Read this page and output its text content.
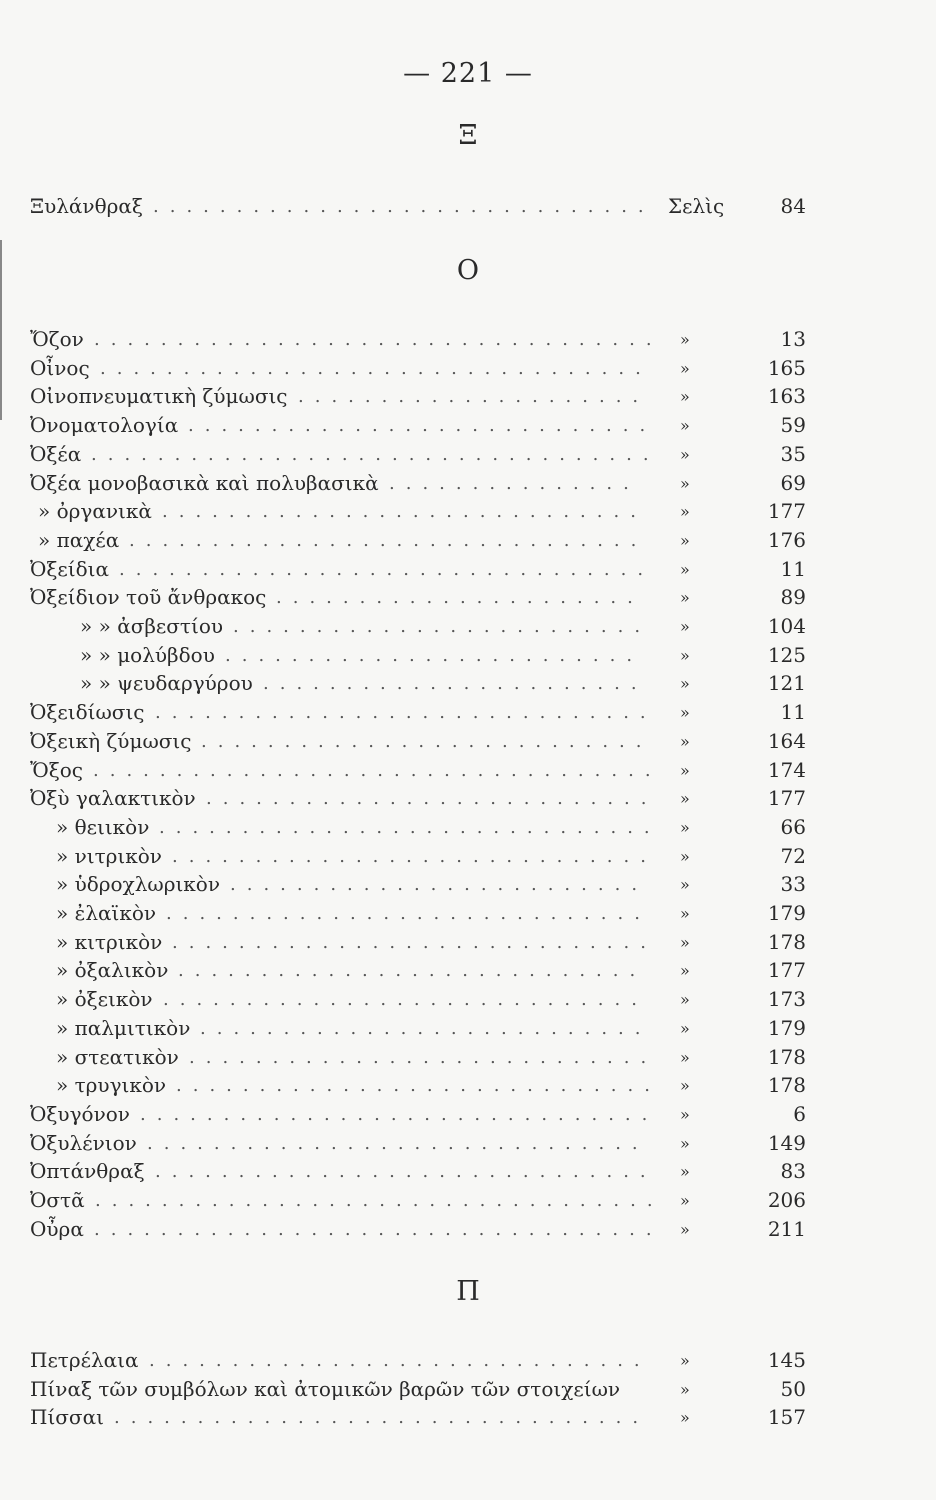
— 221 —
Ξ
Ξυλάνθραξ .............................. Σελὶς	84
Ο
Ὄζον .................................. »	13
Οἶνος ................................. »	165
Οἰνοπνευματικὴ ζύμωσις ..................... »	163
Ὀνοματολογία ............................ »	59
Ὀξέα .................................. »	35
Ὀξέα μονοβασικὰ καὶ πολυβασικὰ ...............	»	69
» ὀργανικὰ ............................. »	177
» παχέα ............................... »	176
Ὀξείδια ................................ »	11
Ὀξείδιον τοῦ ἄνθρακος ...................... »	89
» » ἀσβεστίου ......................... »	104
» » μολύβδου ......................... »	125
» » ψευδαργύρου ....................... »	121
Ὀξειδίωσις .............................. »	11
Ὀξεικὴ ζύμωσις ........................... »	164
Ὄξος .................................. »	174
Ὀξὺ γαλακτικὸν ........................... »	177
» θειικὸν .............................. »	66
» νιτρικὸν ............................. »	72
» ὑδροχλωρικὸν ......................... »	33
» ἐλαϊκὸν ............................. »	179
» κιτρικὸν ............................. »	178
» ὀξαλικὸν ............................ »	177
» ὀξεικὸν ............................. »	173
» παλμιτικὸν ........................... »	179
» στεατικὸν ............................ »	178
» τρυγικὸν ............................. »	178
Ὀξυγόνον ............................... »	6
Ὀξυλένιον .............................. »	149
Ὀπτάνθραξ .............................. »	83
Ὀστᾶ .................................. »	206
Οὖρα .................................. »	211
Π
Πετρέλαια .............................. »	145
Πίναξ τῶν συμβόλων καὶ ἀτομικῶν βαρῶν τῶν στοιχείων	»	50
Πίσσαι ................................ »	157
